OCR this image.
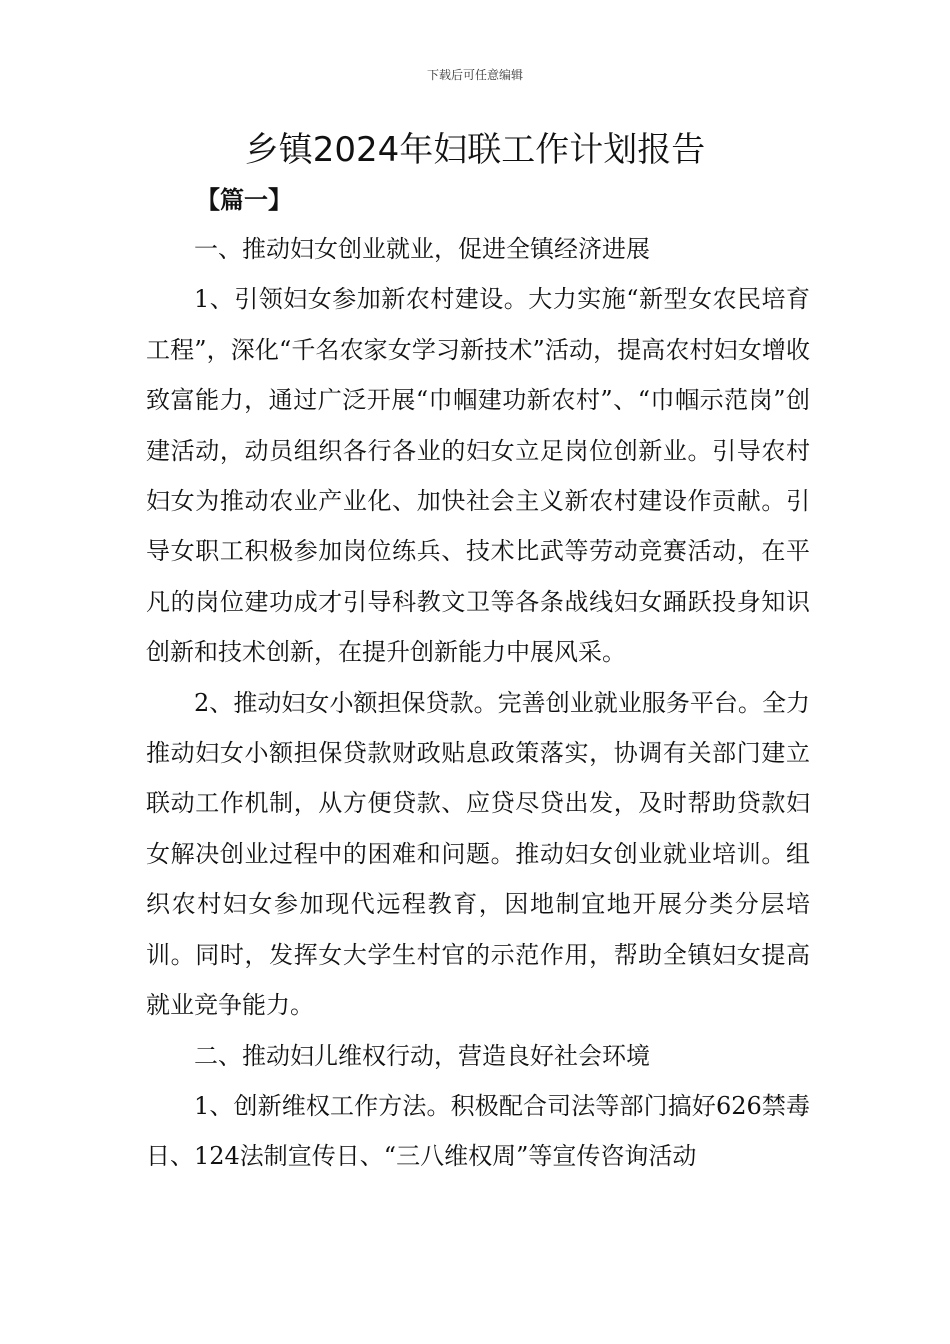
下载后可任意编辑
乡镇2024年妇联工作计划报告
【篇一】

一、推动妇女创业就业，促进全镇经济进展

1、引领妇女参加新农村建设。大力实施“新型女农民培育工程”，深化“千名农家女学习新技术”活动，提高农村妇女增收致富能力，通过广泛开展“巾帼建功新农村”、“巾帼示范岗”创建活动，动员组织各行各业的妇女立足岗位创新业。引导农村妇女为推动农业产业化、加快社会主义新农村建设作贡献。引导女职工积极参加岗位练兵、技术比武等劳动竞赛活动，在平凡的岗位建功成才引导科教文卫等各条战线妇女踊跃投身知识创新和技术创新，在提升创新能力中展风采。

2、推动妇女小额担保贷款。完善创业就业服务平台。全力推动妇女小额担保贷款财政贴息政策落实，协调有关部门建立联动工作机制，从方便贷款、应贷尽贷出发，及时帮助贷款妇女解决创业过程中的困难和问题。推动妇女创业就业培训。组织农村妇女参加现代远程教育，因地制宜地开展分类分层培训。同时，发挥女大学生村官的示范作用，帮助全镇妇女提高就业竞争能力。

二、推动妇儿维权行动，营造良好社会环境

1、创新维权工作方法。积极配合司法等部门搞好626禁毒日、124法制宣传日、“三八维权周”等宣传咨询活动
